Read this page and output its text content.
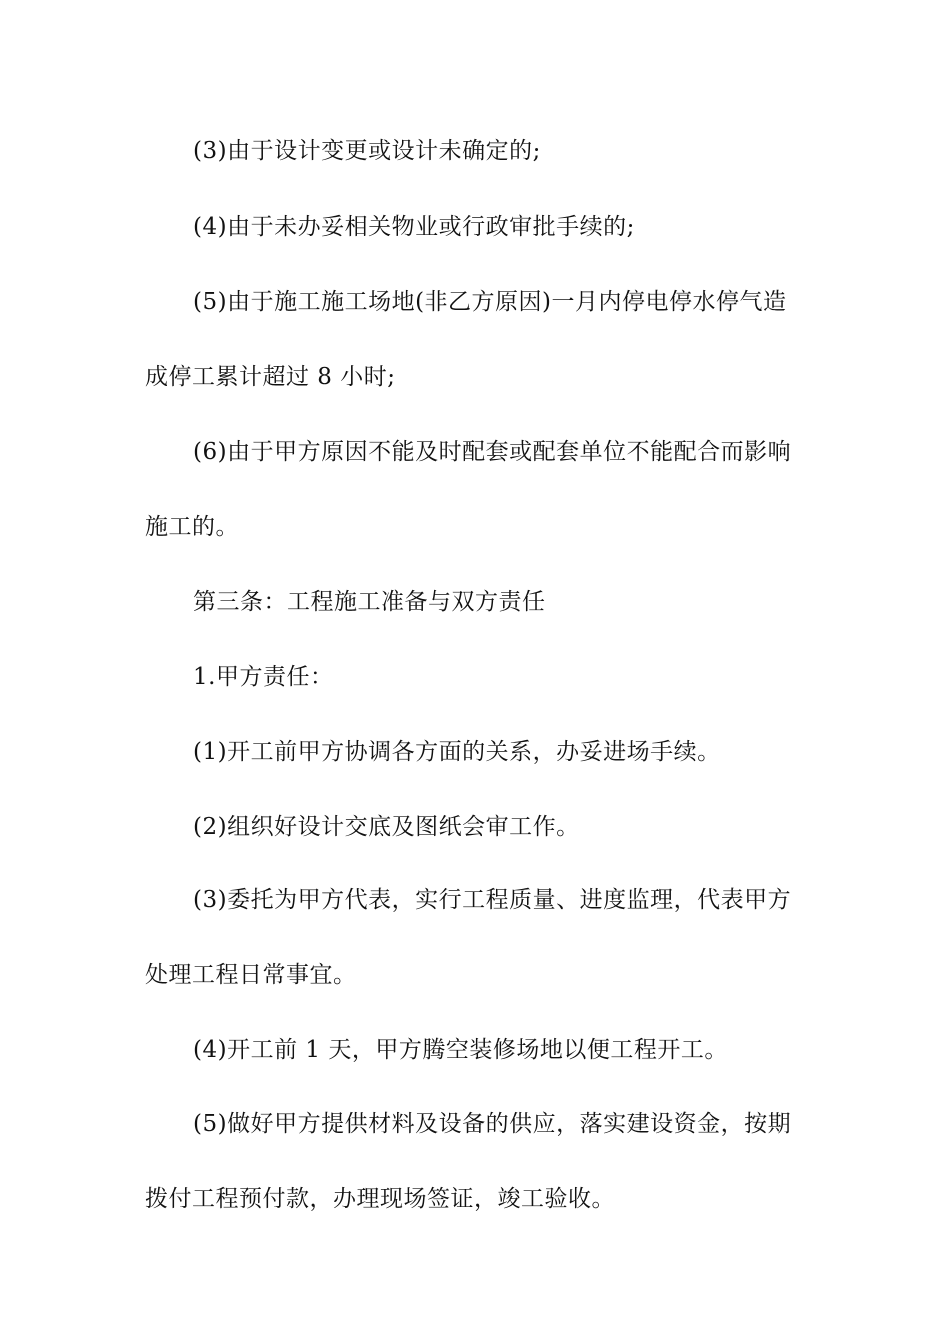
(3)由于设计变更或设计未确定的;
(4)由于未办妥相关物业或行政审批手续的;
(5)由于施工施工场地(非乙方原因)一月内停电停水停气造
成停工累计超过 8 小时;
(6)由于甲方原因不能及时配套或配套单位不能配合而影响
施工的。
第三条：工程施工准备与双方责任
1.甲方责任：
(1)开工前甲方协调各方面的关系，办妥进场手续。
(2)组织好设计交底及图纸会审工作。
(3)委托为甲方代表，实行工程质量、进度监理，代表甲方
处理工程日常事宜。
(4)开工前 1 天，甲方腾空装修场地以便工程开工。
(5)做好甲方提供材料及设备的供应，落实建设资金，按期
拨付工程预付款，办理现场签证，竣工验收。
